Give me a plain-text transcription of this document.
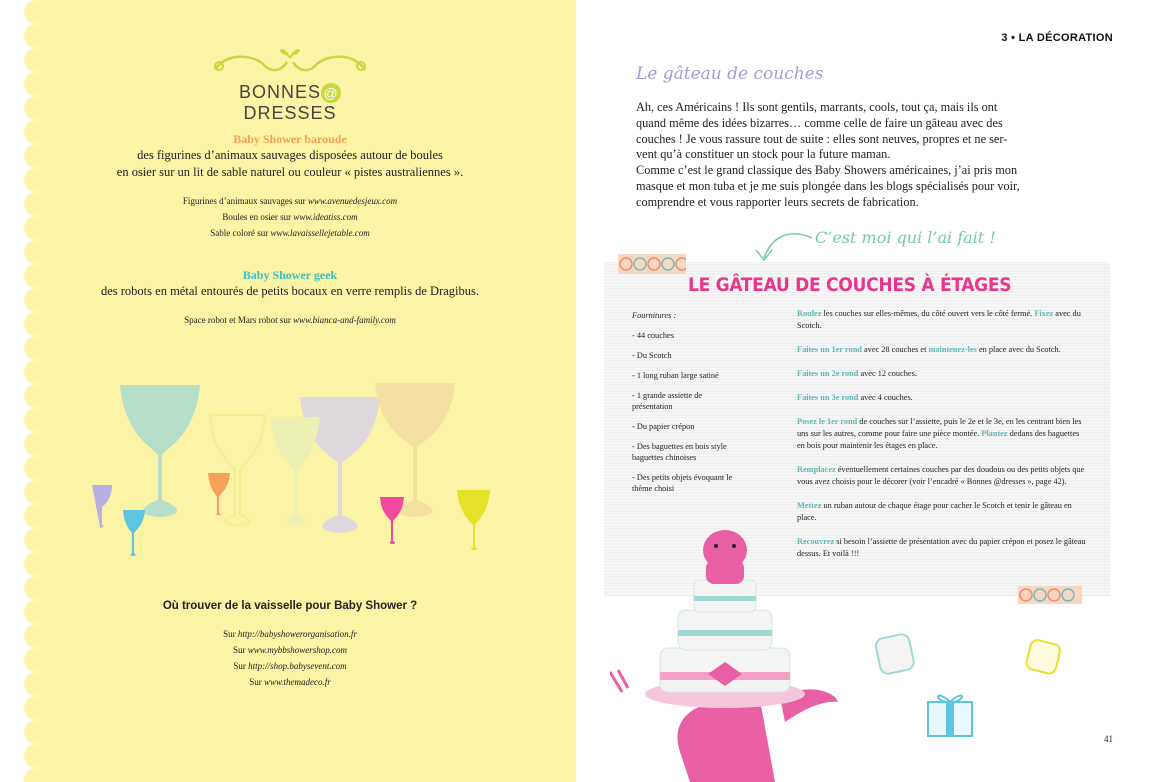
BONNES @DRESSES
Baby Shower baroude
des figurines d’animaux sauvages disposées autour de boules
en osier sur un lit de sable naturel ou couleur « pistes australiennes ».
Figurines d’animaux sauvages sur www.avenuedesjeux.com
Boules en osier sur www.ideatiss.com
Sable coloré sur www.lavaissellejetable.com
Baby Shower geek
des robots en métal entourés de petits bocaux en verre remplis de Dragibus.
Space robot et Mars robot sur www.bianca-and-family.com
Où trouver de la vaisselle pour Baby Shower ?
Sur http://babyshowerorganisation.fr
Sur www.mybbshowershop.com
Sur http://shop.babysevent.com
Sur www.themadeco.fr
3 • LA DÉCORATION
Le gâteau de couches

Ah, ces Américains ! Ils sont gentils, marrants, cools, tout ça, mais ils ont

quand même des idées bizarres… comme celle de faire un gâteau avec des

couches ! Je vous rassure tout de suite : elles sont neuves, propres et ne ser-

vent qu’à constituer un stock pour la future maman.

Comme c’est le grand classique des Baby Showers américaines, j’ai pris mon

masque et mon tuba et je me suis plongée dans les blogs spécialisés pour voir,

comprendre et vous rapporter leurs secrets de fabrication.

C’est moi qui l’ai fait !
LE GÂTEAU DE COUCHES À ÉTAGES
Fournitures :
- 44 couches
- Du Scotch
- 1 long ruban large satiné
- 1 grande assiette de présentation
- Du papier crépon
- Des baguettes en bois style baguettes chinoises
- Des petits objets évoquant le thème choisi

Roulez les couches sur elles-mêmes, du côté ouvert vers le côté fermé. Fixez avec du Scotch.

Faites un 1er rond avec 28 couches et maintenez-les en place avec du Scotch.

Faites un 2e rond avec 12 couches.

Faites un 3e rond avec 4 couches.

Posez le 1er rond de couches sur l’assiette, puis le 2e et le 3e, en les centrant bien les uns sur les autres, comme pour faire une pièce montée. Plantez dedans des baguettes en bois pour maintenir les étages en place.

Remplacez éventuellement certaines couches par des doudous ou des petits objets que vous avez choisis pour le décorer (voir l’encadré « Bonnes @dresses », page 42).

Mettez un ruban autour de chaque étage pour cacher le Scotch et tenir le gâteau en place.

Recouvrez si besoin l’assiette de présentation avec du papier crépon et posez le gâteau dessus. Et voilà !!!

41
